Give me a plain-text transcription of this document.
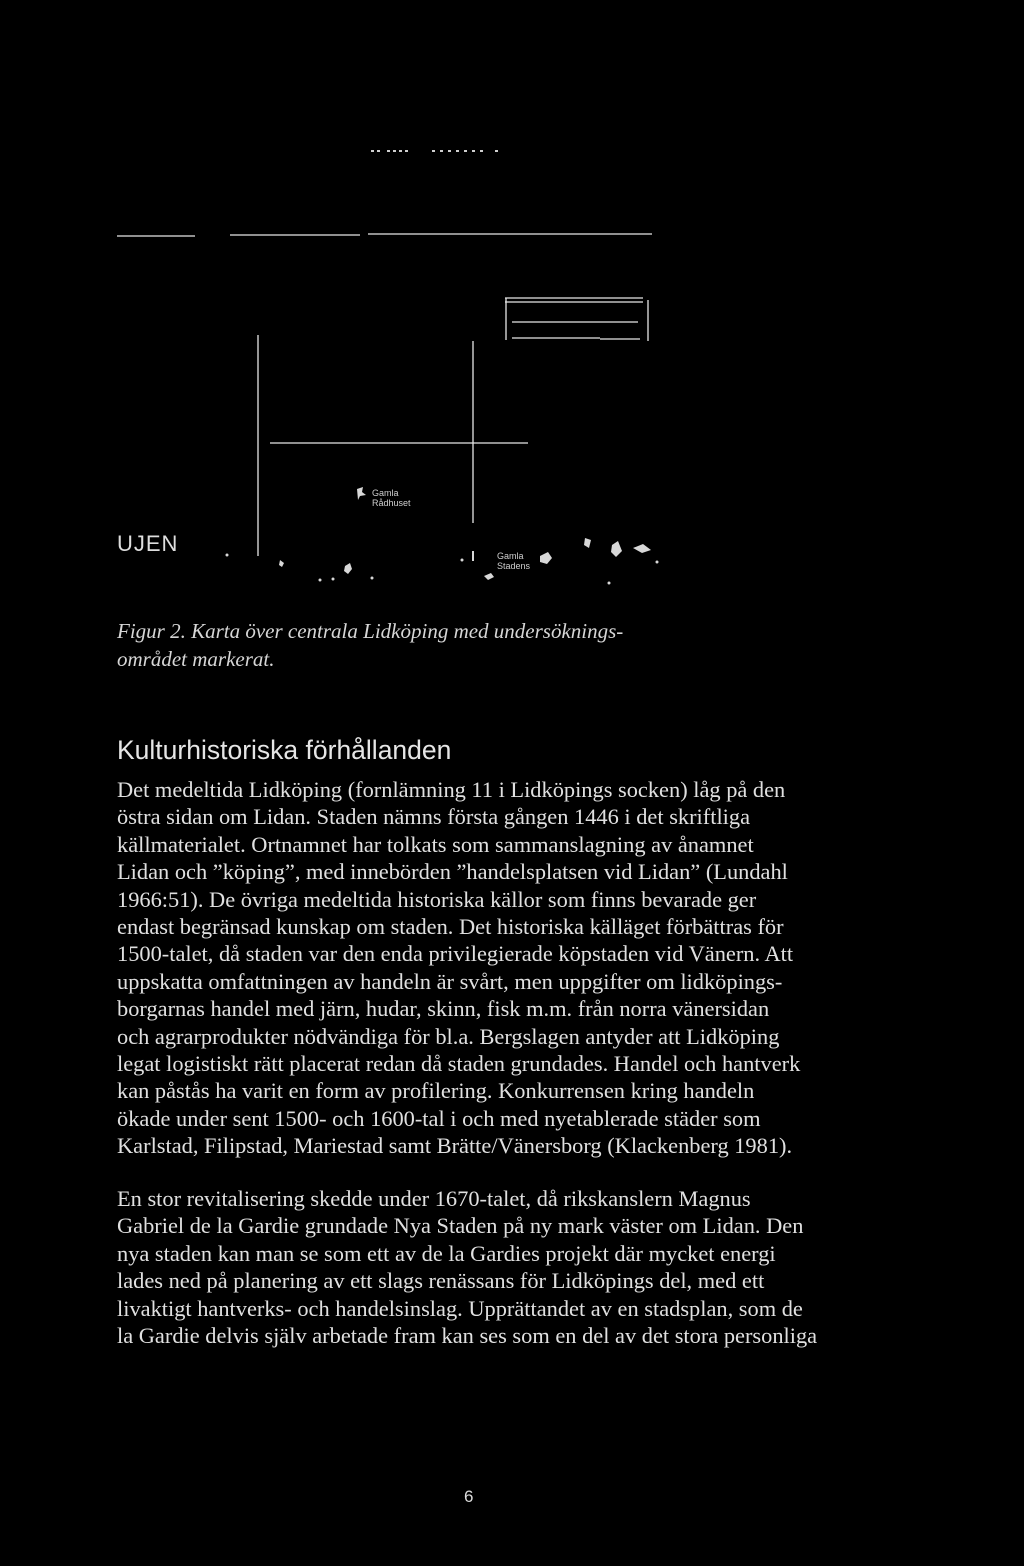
UJEN
Gamla
Rådhuset
Gamla
Stadens
Figur 2. Karta över centrala Lidköping med undersöknings-
området markerat.
Kulturhistoriska förhållanden
Det medeltida Lidköping (fornlämning 11 i Lidköpings socken) låg på den
östra sidan om Lidan. Staden nämns första gången 1446 i det skriftliga
källmaterialet. Ortnamnet har tolkats som sammanslagning av ånamnet
Lidan och ”köping”, med innebörden ”handelsplatsen vid Lidan” (Lundahl
1966:51). De övriga medeltida historiska källor som finns bevarade ger
endast begränsad kunskap om staden. Det historiska källäget förbättras för
1500-talet, då staden var den enda privilegierade köpstaden vid Vänern. Att
uppskatta omfattningen av handeln är svårt, men uppgifter om lidköpings-
borgarnas handel med järn, hudar, skinn, fisk m.m. från norra vänersidan
och agrarprodukter nödvändiga för bl.a. Bergslagen antyder att Lidköping
legat logistiskt rätt placerat redan då staden grundades. Handel och hantverk
kan påstås ha varit en form av profilering. Konkurrensen kring handeln
ökade under sent 1500- och 1600-tal i och med nyetablerade städer som
Karlstad, Filipstad, Mariestad samt Brätte/Vänersborg (Klackenberg 1981).
En stor revitalisering skedde under 1670-talet, då rikskanslern Magnus
Gabriel de la Gardie grundade Nya Staden på ny mark väster om Lidan. Den
nya staden kan man se som ett av de la Gardies projekt där mycket energi
lades ned på planering av ett slags renässans för Lidköpings del, med ett
livaktigt hantverks- och handelsinslag. Upprättandet av en stadsplan, som de
la Gardie delvis själv arbetade fram kan ses som en del av det stora personliga
6
